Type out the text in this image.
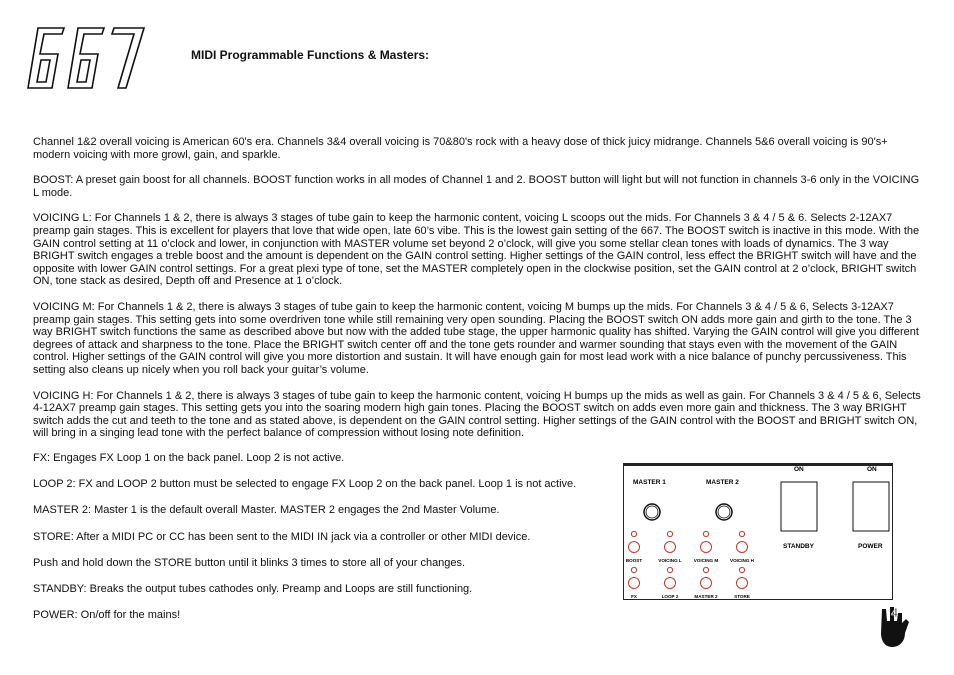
MIDI Programmable Functions & Masters:

Channel 1&2 overall voicing is American 60's era. Channels 3&4 overall voicing is 70&80's rock with a heavy dose of thick juicy midrange. Channels 5&6 overall voicing is 90's+ modern voicing with more growl, gain, and sparkle.

BOOST: A preset gain boost for all channels. BOOST function works in all modes of Channel 1 and 2. BOOST button will light but will not function in channels 3-6 only in the VOICING L mode.

VOICING L: For Channels 1 & 2, there is always 3 stages of tube gain to keep the harmonic content, voicing L scoops out the mids. For Channels 3 & 4 / 5 & 6. Selects 2-12AX7 preamp gain stages. This is excellent for players that love that wide open, late 60’s vibe. This is the lowest gain setting of the 667. The BOOST switch is inactive in this mode. With the GAIN control setting at 11 o’clock and lower, in conjunction with MASTER volume set beyond 2 o’clock, will give you some stellar clean tones with loads of dynamics. The 3 way BRIGHT switch engages a treble boost and the amount is dependent on the GAIN control setting. Higher settings of the GAIN control, less effect the BRIGHT switch will have and the opposite with lower GAIN control settings. For a great plexi type of tone, set the MASTER completely open in the clockwise position, set the GAIN control at 2 o’clock, BRIGHT switch ON, tone stack as desired, Depth off and Presence at 1 o’clock.

VOICING M: For Channels 1 & 2, there is always 3 stages of tube gain to keep the harmonic content, voicing M bumps up the mids. For Channels 3 & 4 / 5 & 6, Selects 3-12AX7 preamp gain stages. This setting gets into some overdriven tone while still remaining very open sounding. Placing the BOOST switch ON adds more gain and girth to the tone. The 3 way BRIGHT switch functions the same as described above but now with the added tube stage, the upper harmonic quality has shifted. Varying the GAIN control will give you different degrees of attack and sharpness to the tone. Place the BRIGHT switch center off and the tone gets rounder and warmer sounding that stays even with the movement of the GAIN control. Higher settings of the GAIN control will give you more distortion and sustain. It will have enough gain for most lead work with a nice balance of punchy percussiveness. This setting also cleans up nicely when you roll back your guitar’s volume.

VOICING H: For Channels 1 & 2, there is always 3 stages of tube gain to keep the harmonic content, voicing H bumps up the mids as well as gain. For Channels 3 & 4 / 5 & 6, Selects 4-12AX7 preamp gain stages. This setting gets you into the soaring modern high gain tones. Placing the BOOST switch on adds even more gain and thickness. The 3 way BRIGHT switch adds the cut and teeth to the tone and as stated above, is dependent on the GAIN control setting. Higher settings of the GAIN control with the BOOST and BRIGHT switch ON, will bring in a singing lead tone with the perfect balance of compression without losing note definition.

FX: Engages FX Loop 1 on the back panel. Loop 2 is not active.

LOOP 2: FX and LOOP 2 button must be selected to engage FX Loop 2 on the back panel. Loop 1 is not active.

MASTER 2: Master 1 is the default overall Master. MASTER 2 engages the 2nd Master Volume.

STORE: After a MIDI PC or CC has been sent to the MIDI IN jack via a controller or other MIDI device.

Push and hold down the STORE button until it blinks 3 times to store all of your changes.

STANDBY: Breaks the output tubes cathodes only. Preamp and Loops are still functioning.

POWER: On/off for the mains!

MASTER 1	MASTER 2
ON	ON
STANDBY	POWER
BOOST	VOICING L	VOICING M	VOICING H
FX	LOOP 2	MASTER 2	STORE
4
